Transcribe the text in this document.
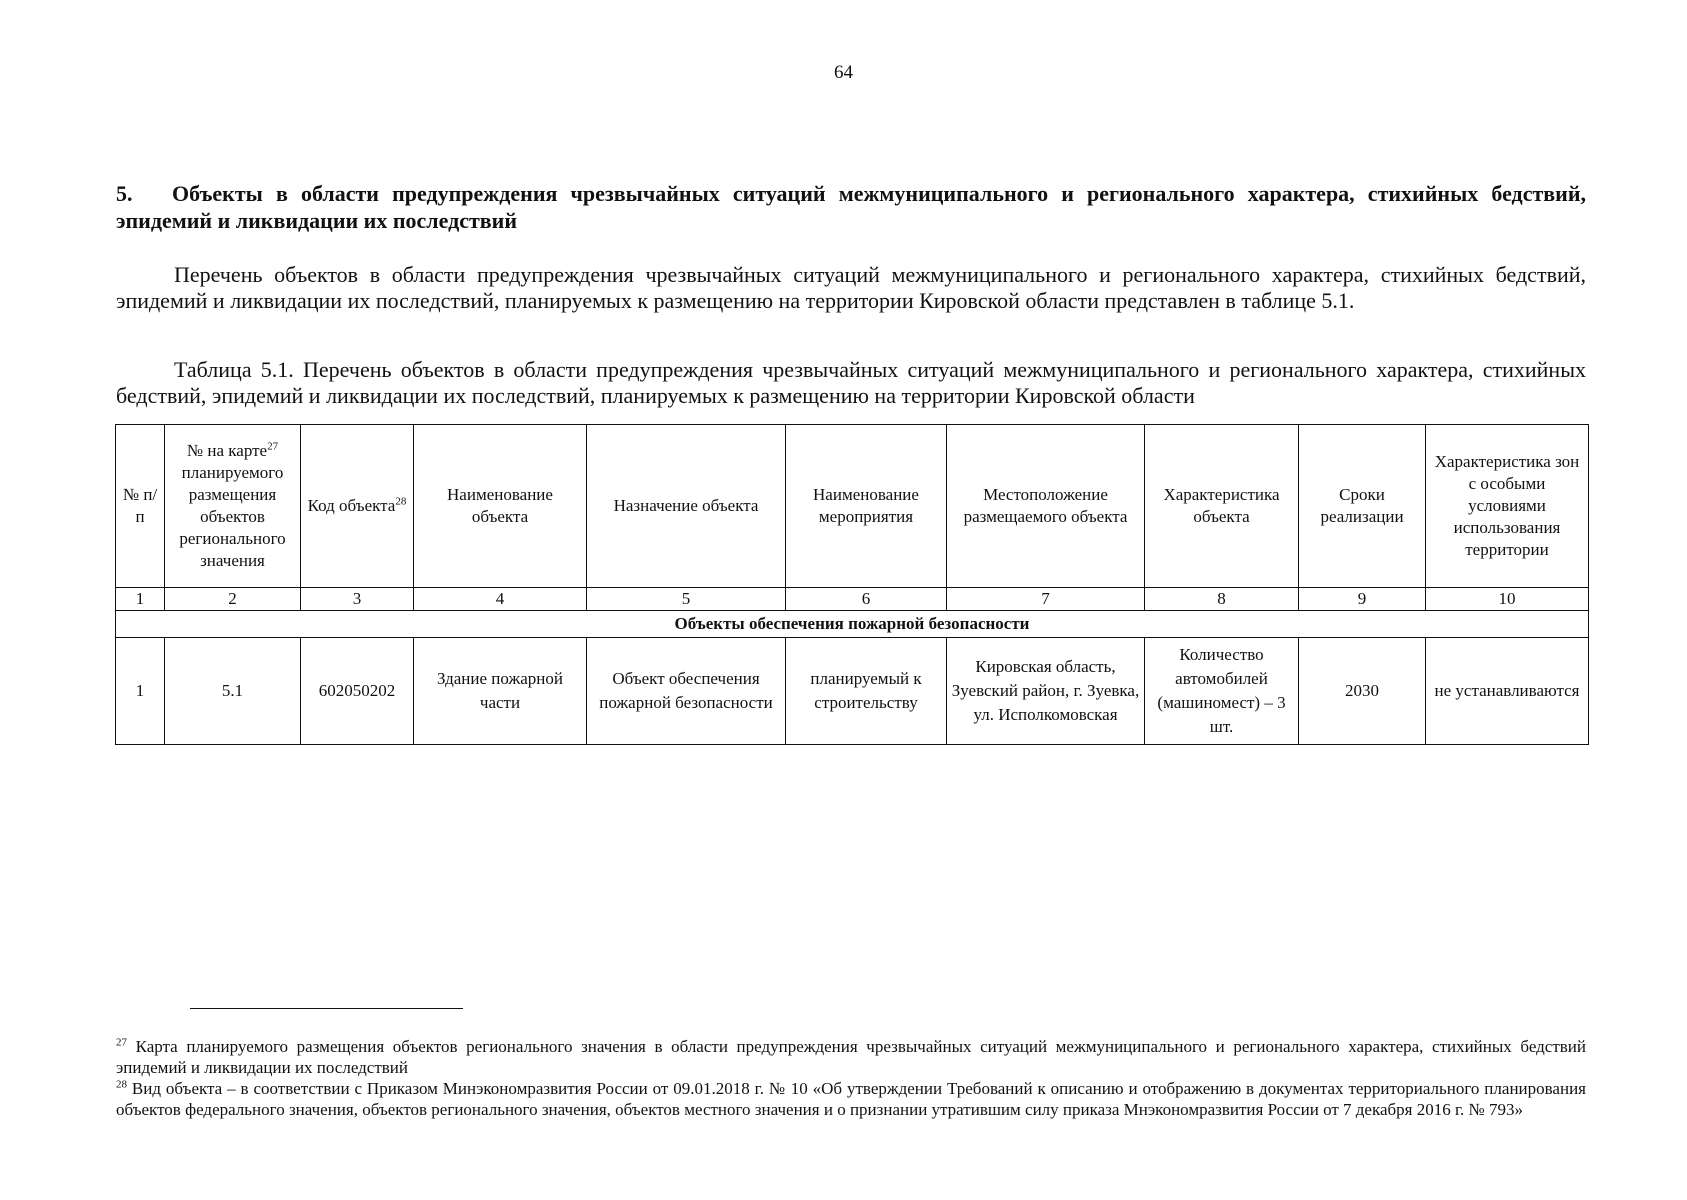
64
5. Объекты в области предупреждения чрезвычайных ситуаций межмуниципального и регионального характера, стихийных бедствий, эпидемий и ликвидации их последствий

Перечень объектов в области предупреждения чрезвычайных ситуаций межмуниципального и регионального характера, стихийных бедствий, эпидемий и ликвидации их последствий, планируемых к размещению на территории Кировской области представлен в таблице 5.1.

Таблица 5.1. Перечень объектов в области предупреждения чрезвычайных ситуаций межмуниципального и регионального характера, стихийных бедствий, эпидемий и ликвидации их последствий, планируемых к размещению на территории Кировской области

№ п/п	№ на карте$^{27}$ планируемого размещения объектов регионального значения	Код объекта$^{28}$	Наименование объекта	Назначение объекта	Наименование мероприятия	Местоположение размещаемого объекта	Характеристика объекта	Сроки реализации	Характеристика зон с особыми условиями использования территории
1	2	3	4	5	6	7	8	9	10
Объекты обеспечения пожарной безопасности									
1	5.1	602050202	Здание пожарной части	Объект обеспечения пожарной безопасности	планируемый к строительству	Кировская область, Зуевский район, г. Зуевка, ул. Исполкомовская	Количество автомобилей (машиномест) – 3 шт.	2030	не устанавливаются

$^{27}$ Карта планируемого размещения объектов регионального значения в области предупреждения чрезвычайных ситуаций межмуниципального и регионального характера, стихийных бедствий эпидемий и ликвидации их последствий

$^{28}$ Вид объекта – в соответствии с Приказом Минэкономразвития России от 09.01.2018 г. № 10 «Об утверждении Требований к описанию и отображению в документах территориального планирования объектов федерального значения, объектов регионального значения, объектов местного значения и о признании утратившим силу приказа Мнэкономразвития России от 7 декабря 2016 г. № 793»
